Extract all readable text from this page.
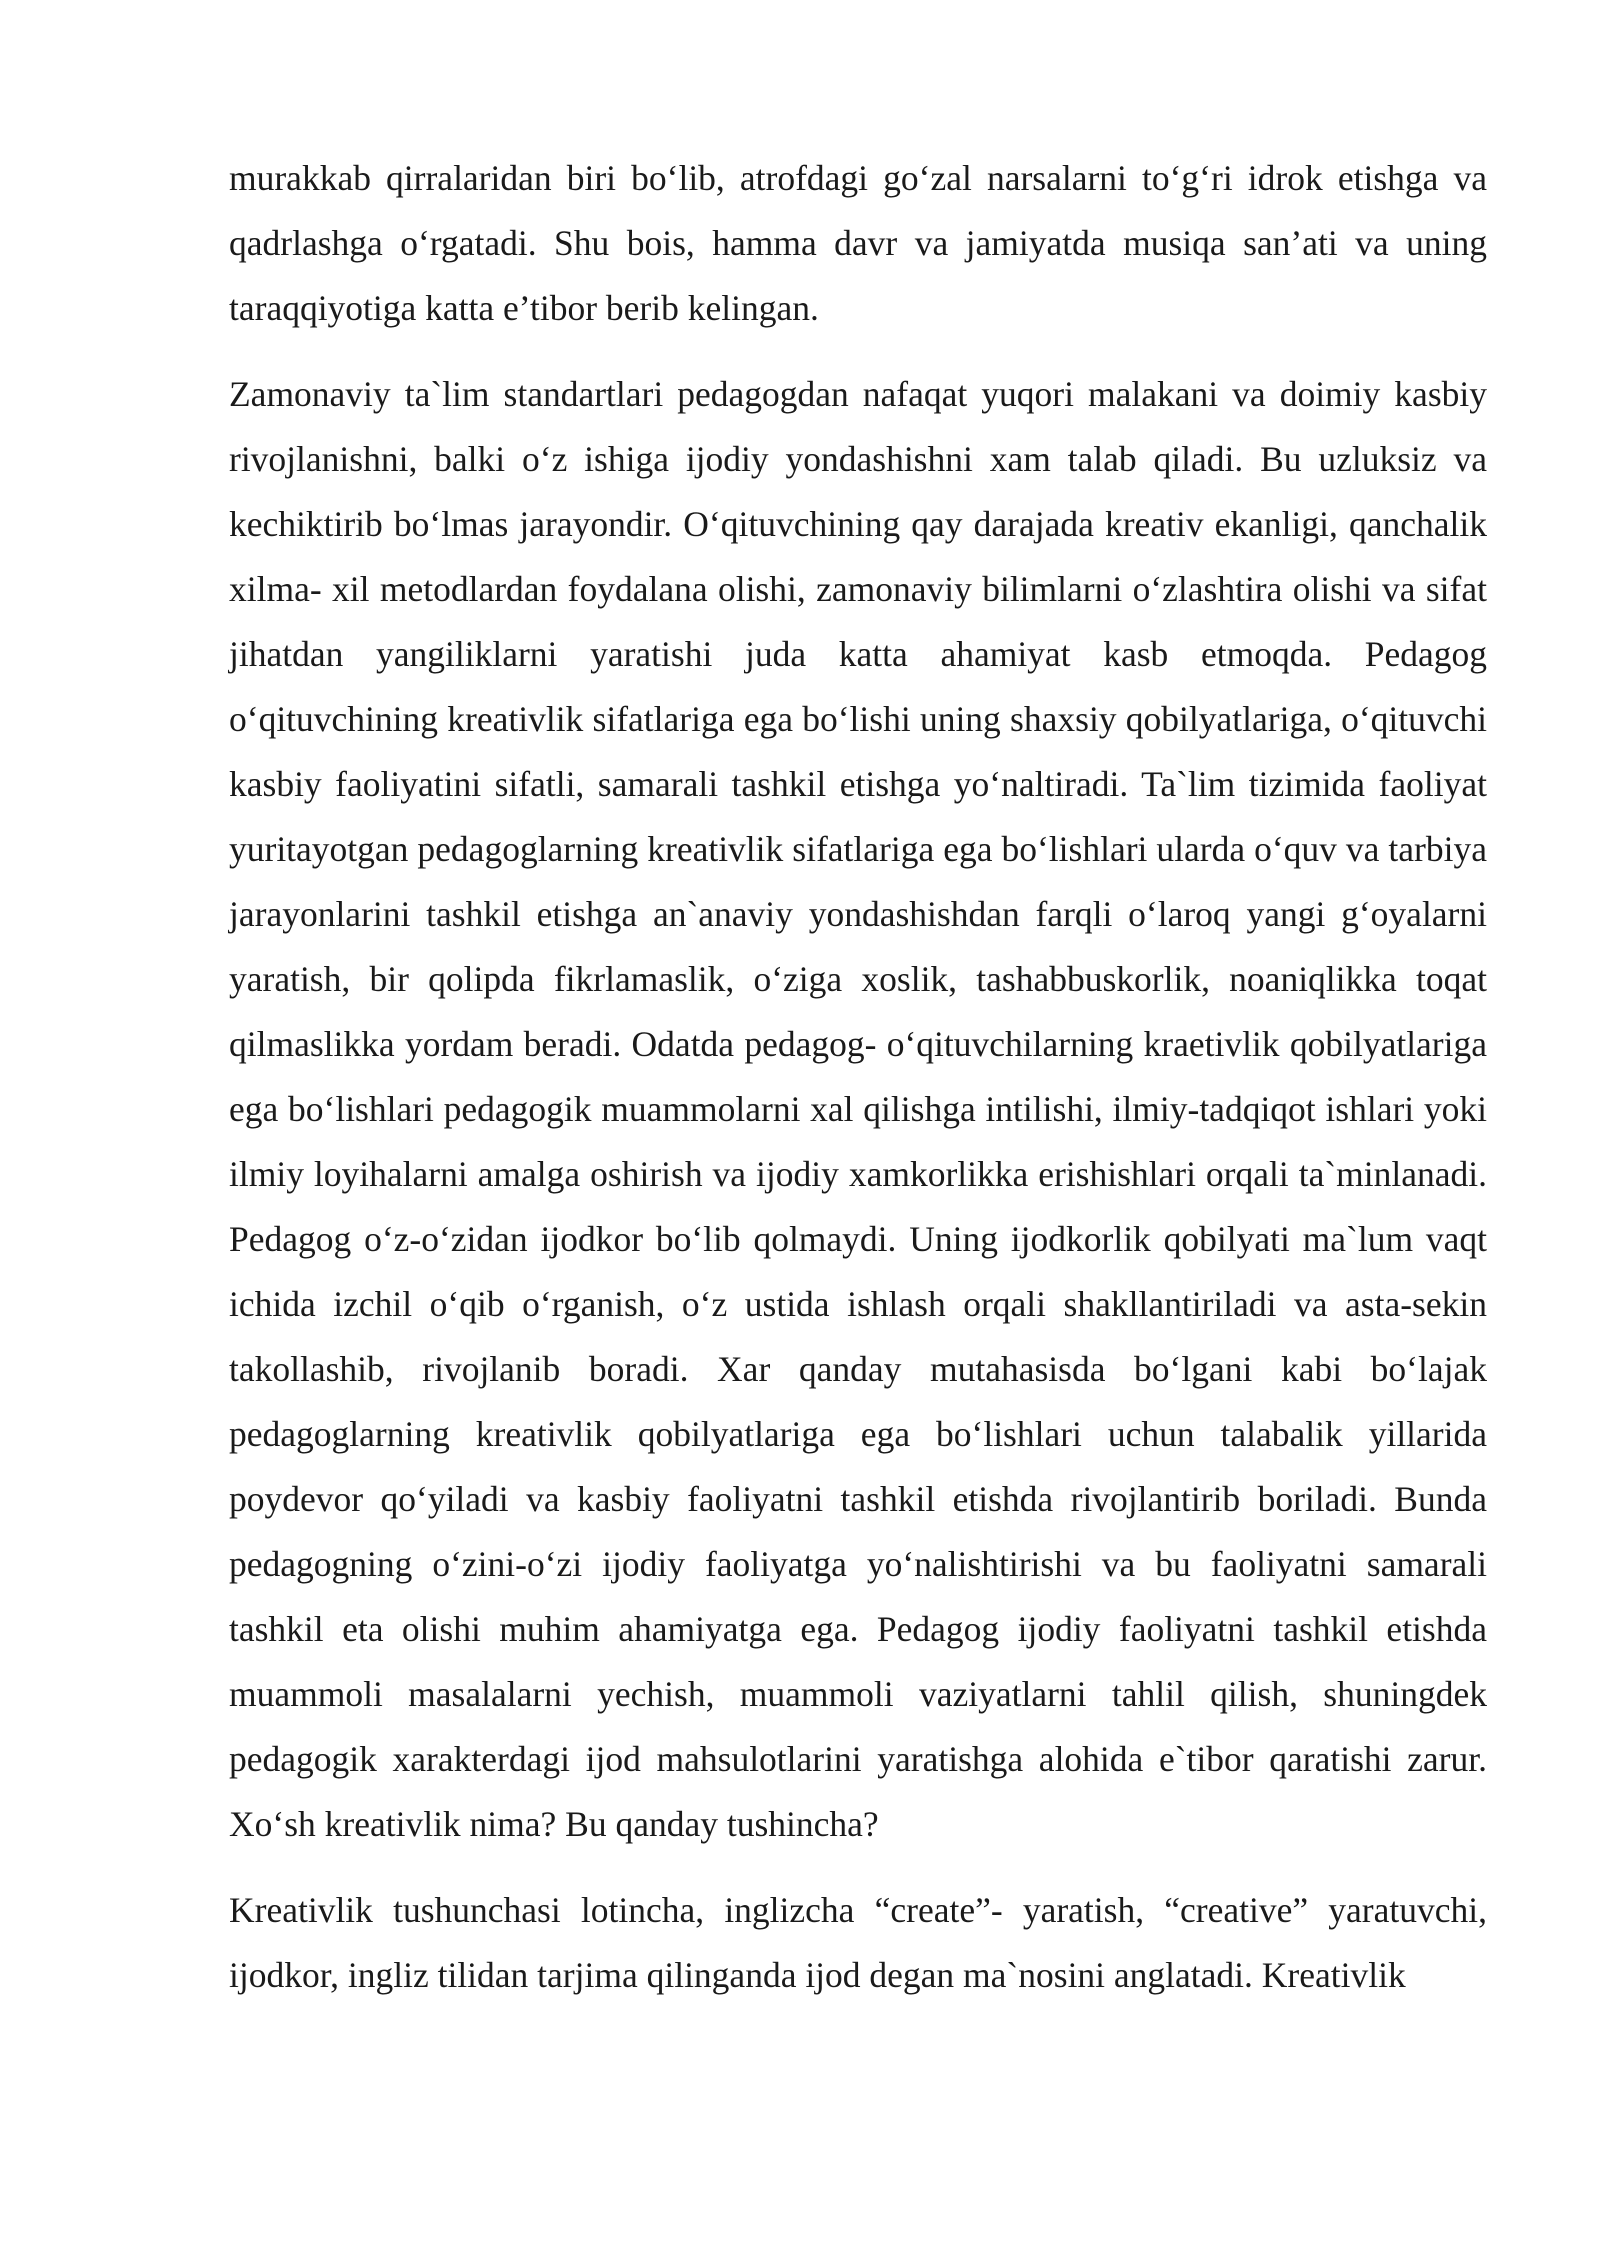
murakkab qirralaridan biri bo‘lib, atrofdagi go‘zal narsalarni to‘g‘ri idrok etishga va qadrlashga o‘rgatadi. Shu bois, hamma davr va jamiyatda musiqa san’ati va uning taraqqiyotiga katta e’tibor berib kelingan.

Zamonaviy ta`lim standartlari pedagogdan nafaqat yuqori malakani va doimiy kasbiy rivojlanishni, balki o‘z ishiga ijodiy yondashishni xam talab qiladi. Bu uzluksiz va kechiktirib bo‘lmas jarayondir. O‘qituvchining qay darajada kreativ ekanligi, qanchalik xilma- xil metodlardan foydalana olishi, zamonaviy bilimlarni o‘zlashtira olishi va sifat jihatdan yangiliklarni yaratishi juda katta ahamiyat kasb etmoqda. Pedagog o‘qituvchining kreativlik sifatlariga ega bo‘lishi uning shaxsiy qobilyatlariga, o‘qituvchi kasbiy faoliyatini sifatli, samarali tashkil etishga yo‘naltiradi. Ta`lim tizimida faoliyat yuritayotgan pedagoglarning kreativlik sifatlariga ega bo‘lishlari ularda o‘quv va tarbiya jarayonlarini tashkil etishga an`anaviy yondashishdan farqli o‘laroq yangi g‘oyalarni yaratish, bir qolipda fikrlamaslik, o‘ziga xoslik, tashabbuskorlik, noaniqlikka toqat qilmaslikka yordam beradi. Odatda pedagog- o‘qituvchilarning kraetivlik qobilyatlariga ega bo‘lishlari pedagogik muammolarni xal qilishga intilishi, ilmiy-tadqiqot ishlari yoki ilmiy loyihalarni amalga oshirish va ijodiy xamkorlikka erishishlari orqali ta`minlanadi. Pedagog o‘z-o‘zidan ijodkor bo‘lib qolmaydi. Uning ijodkorlik qobilyati ma`lum vaqt ichida izchil o‘qib o‘rganish, o‘z ustida ishlash orqali shakllantiriladi va asta-sekin takollashib, rivojlanib boradi. Xar qanday mutahasisda bo‘lgani kabi bo‘lajak pedagoglarning kreativlik qobilyatlariga ega bo‘lishlari uchun talabalik yillarida poydevor qo‘yiladi va kasbiy faoliyatni tashkil etishda rivojlantirib boriladi. Bunda pedagogning o‘zini-o‘zi ijodiy faoliyatga yo‘nalishtirishi va bu faoliyatni samarali tashkil eta olishi muhim ahamiyatga ega. Pedagog ijodiy faoliyatni tashkil etishda muammoli masalalarni yechish, muammoli vaziyatlarni tahlil qilish, shuningdek pedagogik xarakterdagi ijod mahsulotlarini yaratishga alohida e`tibor qaratishi zarur. Xo‘sh kreativlik nima? Bu qanday tushincha?

Kreativlik tushunchasi lotincha, inglizcha “create”- yaratish, “creative” yaratuvchi, ijodkor, ingliz tilidan tarjima qilinganda ijod degan ma`nosini anglatadi. Kreativlik
